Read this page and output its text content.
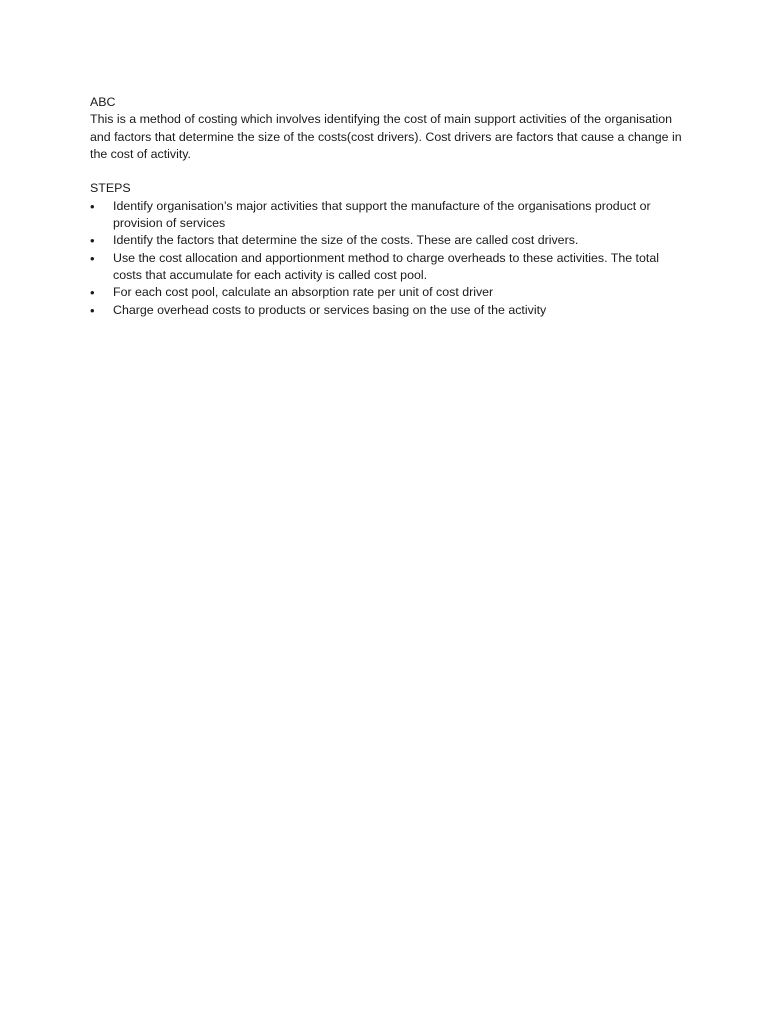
ABC

This is a method of costing which involves identifying the cost of main support activities of the organisation and factors that determine the size of the costs(cost drivers). Cost drivers are factors that cause a change in the cost of activity.

STEPS

•	Identify organisation’s major activities that support the manufacture of the organisations product or provision of services
•	Identify the factors that determine the size of the costs. These are called cost drivers.
•	Use the cost allocation and apportionment method to charge overheads to these activities. The total costs that accumulate for each activity is called cost pool.
•	For each cost pool, calculate an absorption rate per unit of cost driver
•	Charge overhead costs to products or services basing on the use of the activity
